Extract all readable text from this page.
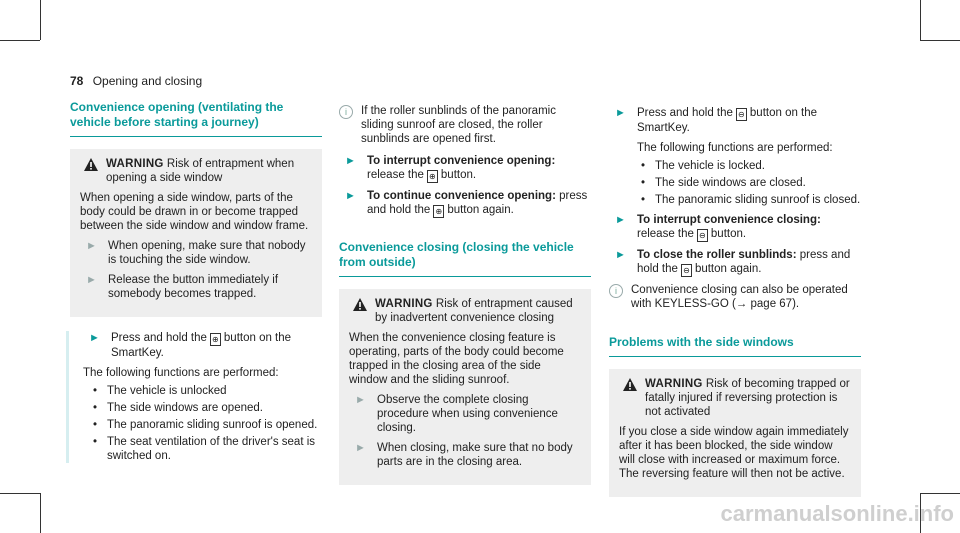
78 Opening and closing
Convenience opening (ventilating the vehicle before starting a journey)
WARNING Risk of entrapment when opening a side window

When opening a side window, parts of the body could be drawn in or become trapped between the side window and window frame.

► When opening, make sure that nobody is touching the side window.
► Release the button immediately if somebody becomes trapped.
► Press and hold the ⊕ button on the SmartKey.
The following functions are performed:
• The vehicle is unlocked
• The side windows are opened.
• The panoramic sliding sunroof is opened.
• The seat ventilation of the driver's seat is switched on.
i	If the roller sunblinds of the panoramic sliding sunroof are closed, the roller sunblinds are opened first.
► To interrupt convenience opening: release the ⊕ button.
► To continue convenience opening: press and hold the ⊕ button again.
Convenience closing (closing the vehicle from outside)
WARNING Risk of entrapment caused by inadvertent convenience closing

When the convenience closing feature is operating, parts of the body could become trapped in the closing area of the side window and the sliding sunroof.

► Observe the complete closing procedure when using convenience closing.
► When closing, make sure that no body parts are in the closing area.
► Press and hold the ⊖ button on the SmartKey.
The following functions are performed:
• The vehicle is locked.
• The side windows are closed.
• The panoramic sliding sunroof is closed.
► To interrupt convenience closing: release the ⊖ button.
► To close the roller sunblinds: press and hold the ⊖ button again.
i	Convenience closing can also be operated with KEYLESS-GO (→ page 67).
Problems with the side windows
WARNING Risk of becoming trapped or fatally injured if reversing protection is not activated

If you close a side window again immediately after it has been blocked, the side window will close with increased or maximum force. The reversing feature will then not be active.

carmanualsonline.info
